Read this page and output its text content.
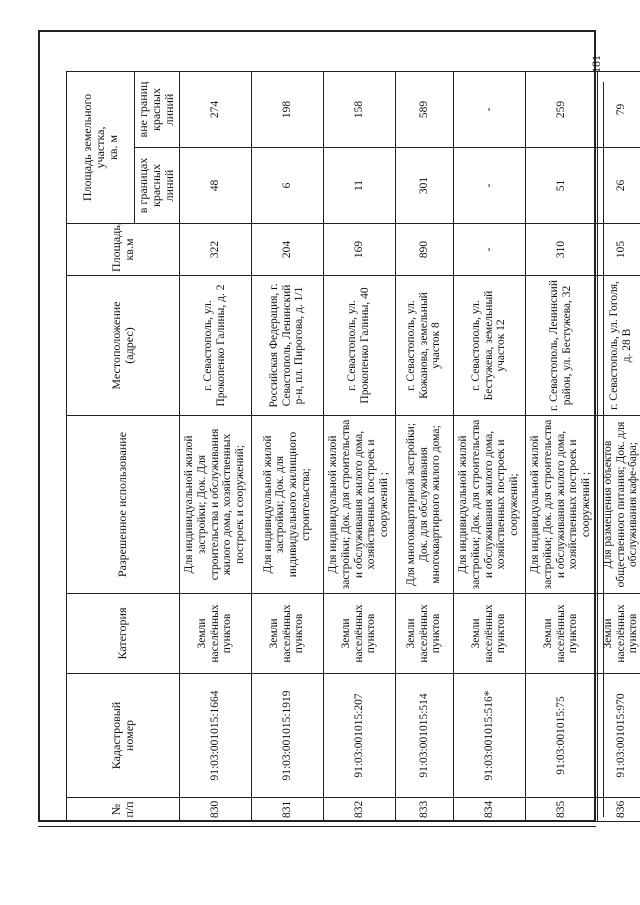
181
№
п/п	Кадастровый
номер	Категория	Разрешенное использование	Местоположение
(адрес)	Площадь,
кв.м	Площадь земельного участка,
кв. м	
						в границах
красных
линий	вне границ
красных
линий
830	91:03:001015:1664	Земли
населённых
пунктов	Для индивидуальной жилой застройки; Док. Для строительства и обслуживания жилого дома, хозяйственных построек и сооружений;	г. Севастополь, ул. Прокопенко Галины, д. 2	322	48	274
831	91:03:001015:1919	Земли
населённых
пунктов	Для индивидуальной жилой застройки; Док. для индивидуального жилищного строительства;	Российская Федерация, г. Севастополь, Ленинский р-н, пл. Пирогова, д. 1/1	204	6	198
832	91:03:001015:207	Земли
населённых
пунктов	Для индивидуальной жилой застройки; Док. для строительства и обслуживания жилого дома, хозяйственных построек и сооружений ;	г. Севастополь, ул. Прокопенко Галины, 40	169	11	158
833	91:03:001015:514	Земли
населённых
пунктов	Для многоквартирной застройки; Док. для обслуживания многоквартирного жилого дома;	г. Севастополь, ул. Кожанова, земельный участок 8	890	301	589
834	91:03:001015:516*	Земли
населённых
пунктов	Для индивидуальной жилой застройки; Док. для строительства и обслуживания жилого дома, хозяйственных построек и сооружений;	г. Севастополь, ул. Бестужева, земельный участок 12	-	-	-
835	91:03:001015:75	Земли
населённых
пунктов	Для индивидуальной жилой застройки; Док. для строительства и обслуживания жилого дома, хозяйственных построек и сооружений ;	г. Севастополь, Ленинский район, ул. Бестужева, 32	310	51	259
836	91:03:001015:970	Земли
населённых
пунктов	Для размещения объектов общественного питания; Док. для обслуживания кафе-бара;	г. Севастополь, ул. Гоголя, д. 28 В	105	26	79
